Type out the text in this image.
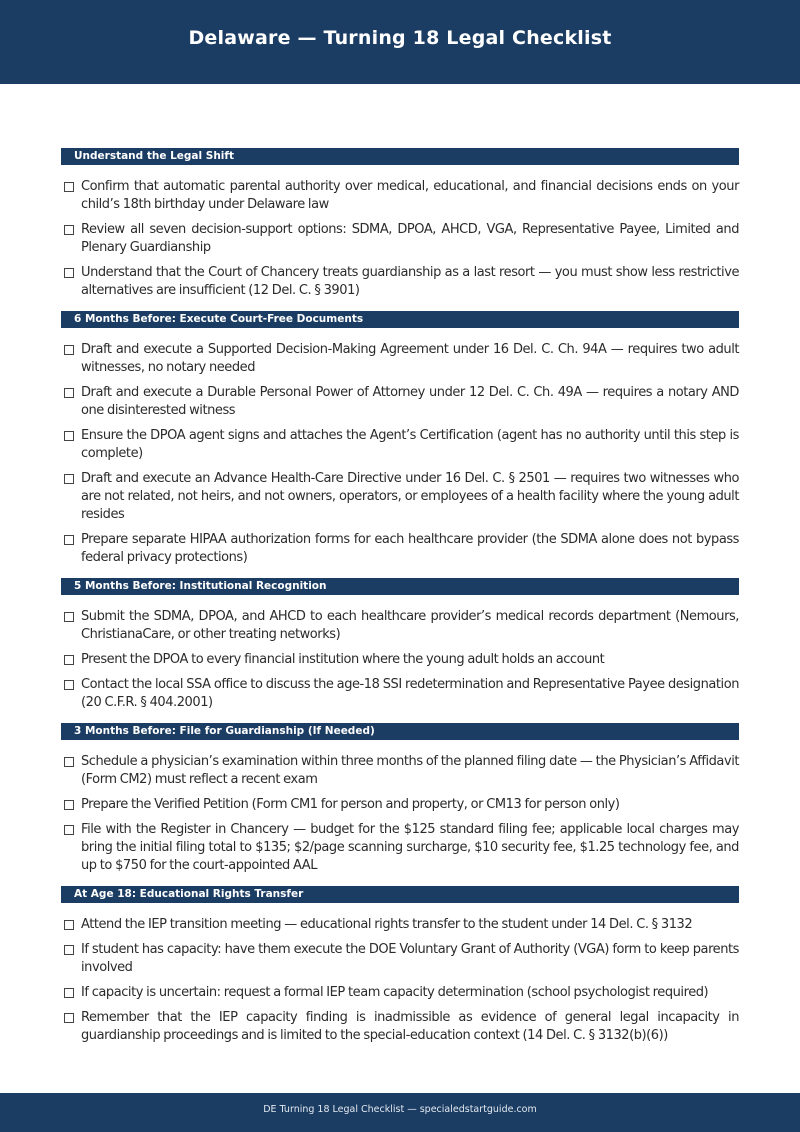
Delaware — Turning 18 Legal Checklist
Understand the Legal Shift
Confirm that automatic parental authority over medical, educational, and financial decisions ends on your child’s 18th birthday under Delaware law
Review all seven decision-support options: SDMA, DPOA, AHCD, VGA, Representative Payee, Limited and Plenary Guardianship
Understand that the Court of Chancery treats guardianship as a last resort — you must show less restrictive alternatives are insufficient (12 Del. C. § 3901)
6 Months Before: Execute Court-Free Documents
Draft and execute a Supported Decision-Making Agreement under 16 Del. C. Ch. 94A — requires two adult witnesses, no notary needed
Draft and execute a Durable Personal Power of Attorney under 12 Del. C. Ch. 49A — requires a notary AND one disinterested witness
Ensure the DPOA agent signs and attaches the Agent’s Certification (agent has no authority until this step is complete)
Draft and execute an Advance Health-Care Directive under 16 Del. C. § 2501 — requires two witnesses who are not related, not heirs, and not owners, operators, or employees of a health facility where the young adult resides
Prepare separate HIPAA authorization forms for each healthcare provider (the SDMA alone does not bypass federal privacy protections)
5 Months Before: Institutional Recognition
Submit the SDMA, DPOA, and AHCD to each healthcare provider’s medical records department (Nemours, ChristianaCare, or other treating networks)
Present the DPOA to every financial institution where the young adult holds an account
Contact the local SSA office to discuss the age-18 SSI redetermination and Representative Payee designation (20 C.F.R. § 404.2001)
3 Months Before: File for Guardianship (If Needed)
Schedule a physician’s examination within three months of the planned filing date — the Physician’s Affidavit (Form CM2) must reflect a recent exam
Prepare the Verified Petition (Form CM1 for person and property, or CM13 for person only)
File with the Register in Chancery — budget for the $125 standard filing fee; applicable local charges may bring the initial filing total to $135; $2/page scanning surcharge, $10 security fee, $1.25 technology fee, and up to $750 for the court-appointed AAL
At Age 18: Educational Rights Transfer
Attend the IEP transition meeting — educational rights transfer to the student under 14 Del. C. § 3132
If student has capacity: have them execute the DOE Voluntary Grant of Authority (VGA) form to keep parents involved
If capacity is uncertain: request a formal IEP team capacity determination (school psychologist required)
Remember that the IEP capacity finding is inadmissible as evidence of general legal incapacity in guardianship proceedings and is limited to the special-education context (14 Del. C. § 3132(b)(6))
DE Turning 18 Legal Checklist — specialedstartguide.com
